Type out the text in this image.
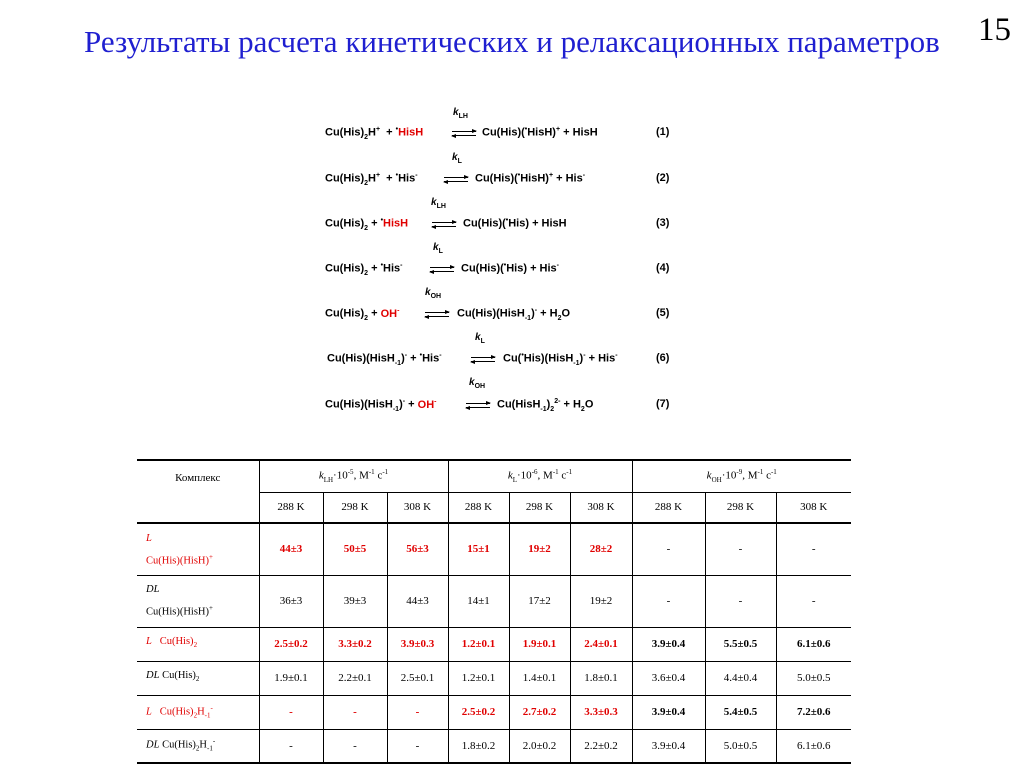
Результаты расчета кинетических и релаксационных параметров	15
$k_{LH}$
$Cu(His)_2H^+$  + •HisH	Cu(His)(•HisH)+ + HisH	(1)
$k_L$
$Cu(His)_2H^+ + ^•His^-$	Cu(His)(•HisH)+ + His-	(2)
$k_{LH}$
$Cu(His)_2$ + •HisH	Cu(His)(•His) + HisH	(3)
$k_L$
$Cu(His)_2 + ^•His^-$	Cu(His)(•His) + His-	(4)
$k_{OH}$
$Cu(His)_2 + OH^-$	Cu(His)(HisH$_{-1}$)- + $H_2O$	(5)
$k_L$
Cu(His)(HisH$_{-1}$)- + •His-	Cu(•His)(HisH$_{-1}$)- + His-	(6)
$k_{OH}$
Cu(His)(HisH$_{-1}$)- + OH-	$Cu(HisH_{-1})_2^{2-} + H_2O$	(7)
Комплекс	$k_{LH}\cdot 10^{-5}$, $М^{-1}$ $с^{-1}$			$k_L\cdot 10^{-6}$, $М^{-1}$ $с^{-1}$			$k_{OH}\cdot 10^{-9}$, $М^{-1}$ $с^{-1}$
	288 K	298 K	308 K	288 K	298 K	308 K	288 K	298 K	308 K
L
Cu(His)(HisH)+	44±3	50±5	56±3	15±1	19±2	28±2	-	-	-
DL
Cu(His)(HisH)+	36±3	39±3	44±3	14±1	17±2	19±2	-	-	-
L $Cu(His)_2$	2.5±0.2	3.3±0.2	3.9±0.3	1.2±0.1	1.9±0.1	2.4±0.1	3.9±0.4	5.5±0.5	6.1±0.6
DL $Cu(His)_2$	1.9±0.1	2.2±0.1	2.5±0.1	1.2±0.1	1.4±0.1	1.8±0.1	3.6±0.4	4.4±0.4	5.0±0.5
L $Cu(His)_2H_{-1}^-$	-	-	-	2.5±0.2	2.7±0.2	3.3±0.3	3.9±0.4	5.4±0.5	7.2±0.6
DL $Cu(His)_2H_{-1}^-$	-	-	-	1.8±0.2	2.0±0.2	2.2±0.2	3.9±0.4	5.0±0.5	6.1±0.6
